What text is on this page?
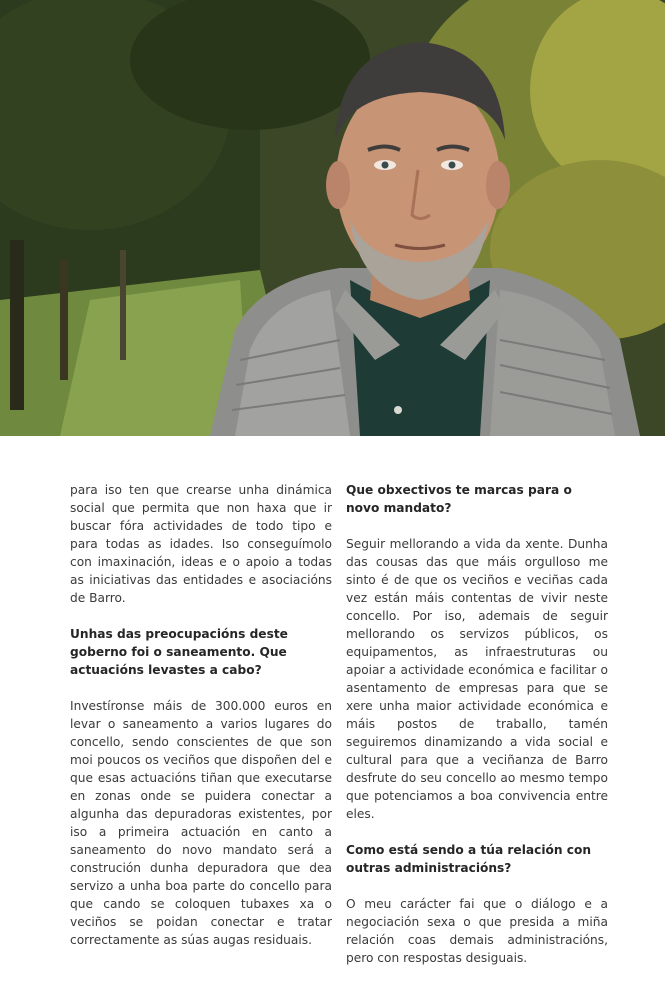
para iso ten que crearse unha dinámica social que permita que non haxa que ir buscar fóra actividades de todo tipo e para todas as idades. Iso conseguímolo con imaxinación, ideas e o apoio a todas as iniciativas das entidades e asociacións de Barro.

Unhas das preocupacións deste goberno foi o saneamento. Que actuacións levastes a cabo?

Investíronse máis de 300.000 euros en levar o saneamento a varios lugares do concello, sendo conscientes de que son moi poucos os veciños que dispoñen del e que esas actuacións tiñan que executarse en zonas onde se puidera conectar a algunha das depuradoras existentes, por iso a primeira actuación en canto a saneamento do novo mandato será a construción dunha depuradora que dea servizo a unha boa parte do concello para que cando se coloquen tubaxes xa o veciños se poidan conectar e tratar correctamente as súas augas residuais.

Que obxectivos te marcas para o novo mandato?

Seguir mellorando a vida da xente. Dunha das cousas das que máis orgulloso me sinto é de que os veciños e veciñas cada vez están máis contentas de vivir neste concello. Por iso, ademais de seguir mellorando os servizos públicos, os equipamentos, as infraestruturas ou apoiar a actividade económica e facilitar o asentamento de empresas para que se xere unha maior actividade económica e máis postos de traballo, tamén seguiremos dinamizando a vida social e cultural para que a veciñanza de Barro desfrute do seu concello ao mesmo tempo que potenciamos a boa convivencia entre eles.

Como está sendo a túa relación con outras administracións?

O meu carácter fai que o diálogo e a negociación sexa o que presida a miña relación coas demais administracións, pero con respostas desiguais.
